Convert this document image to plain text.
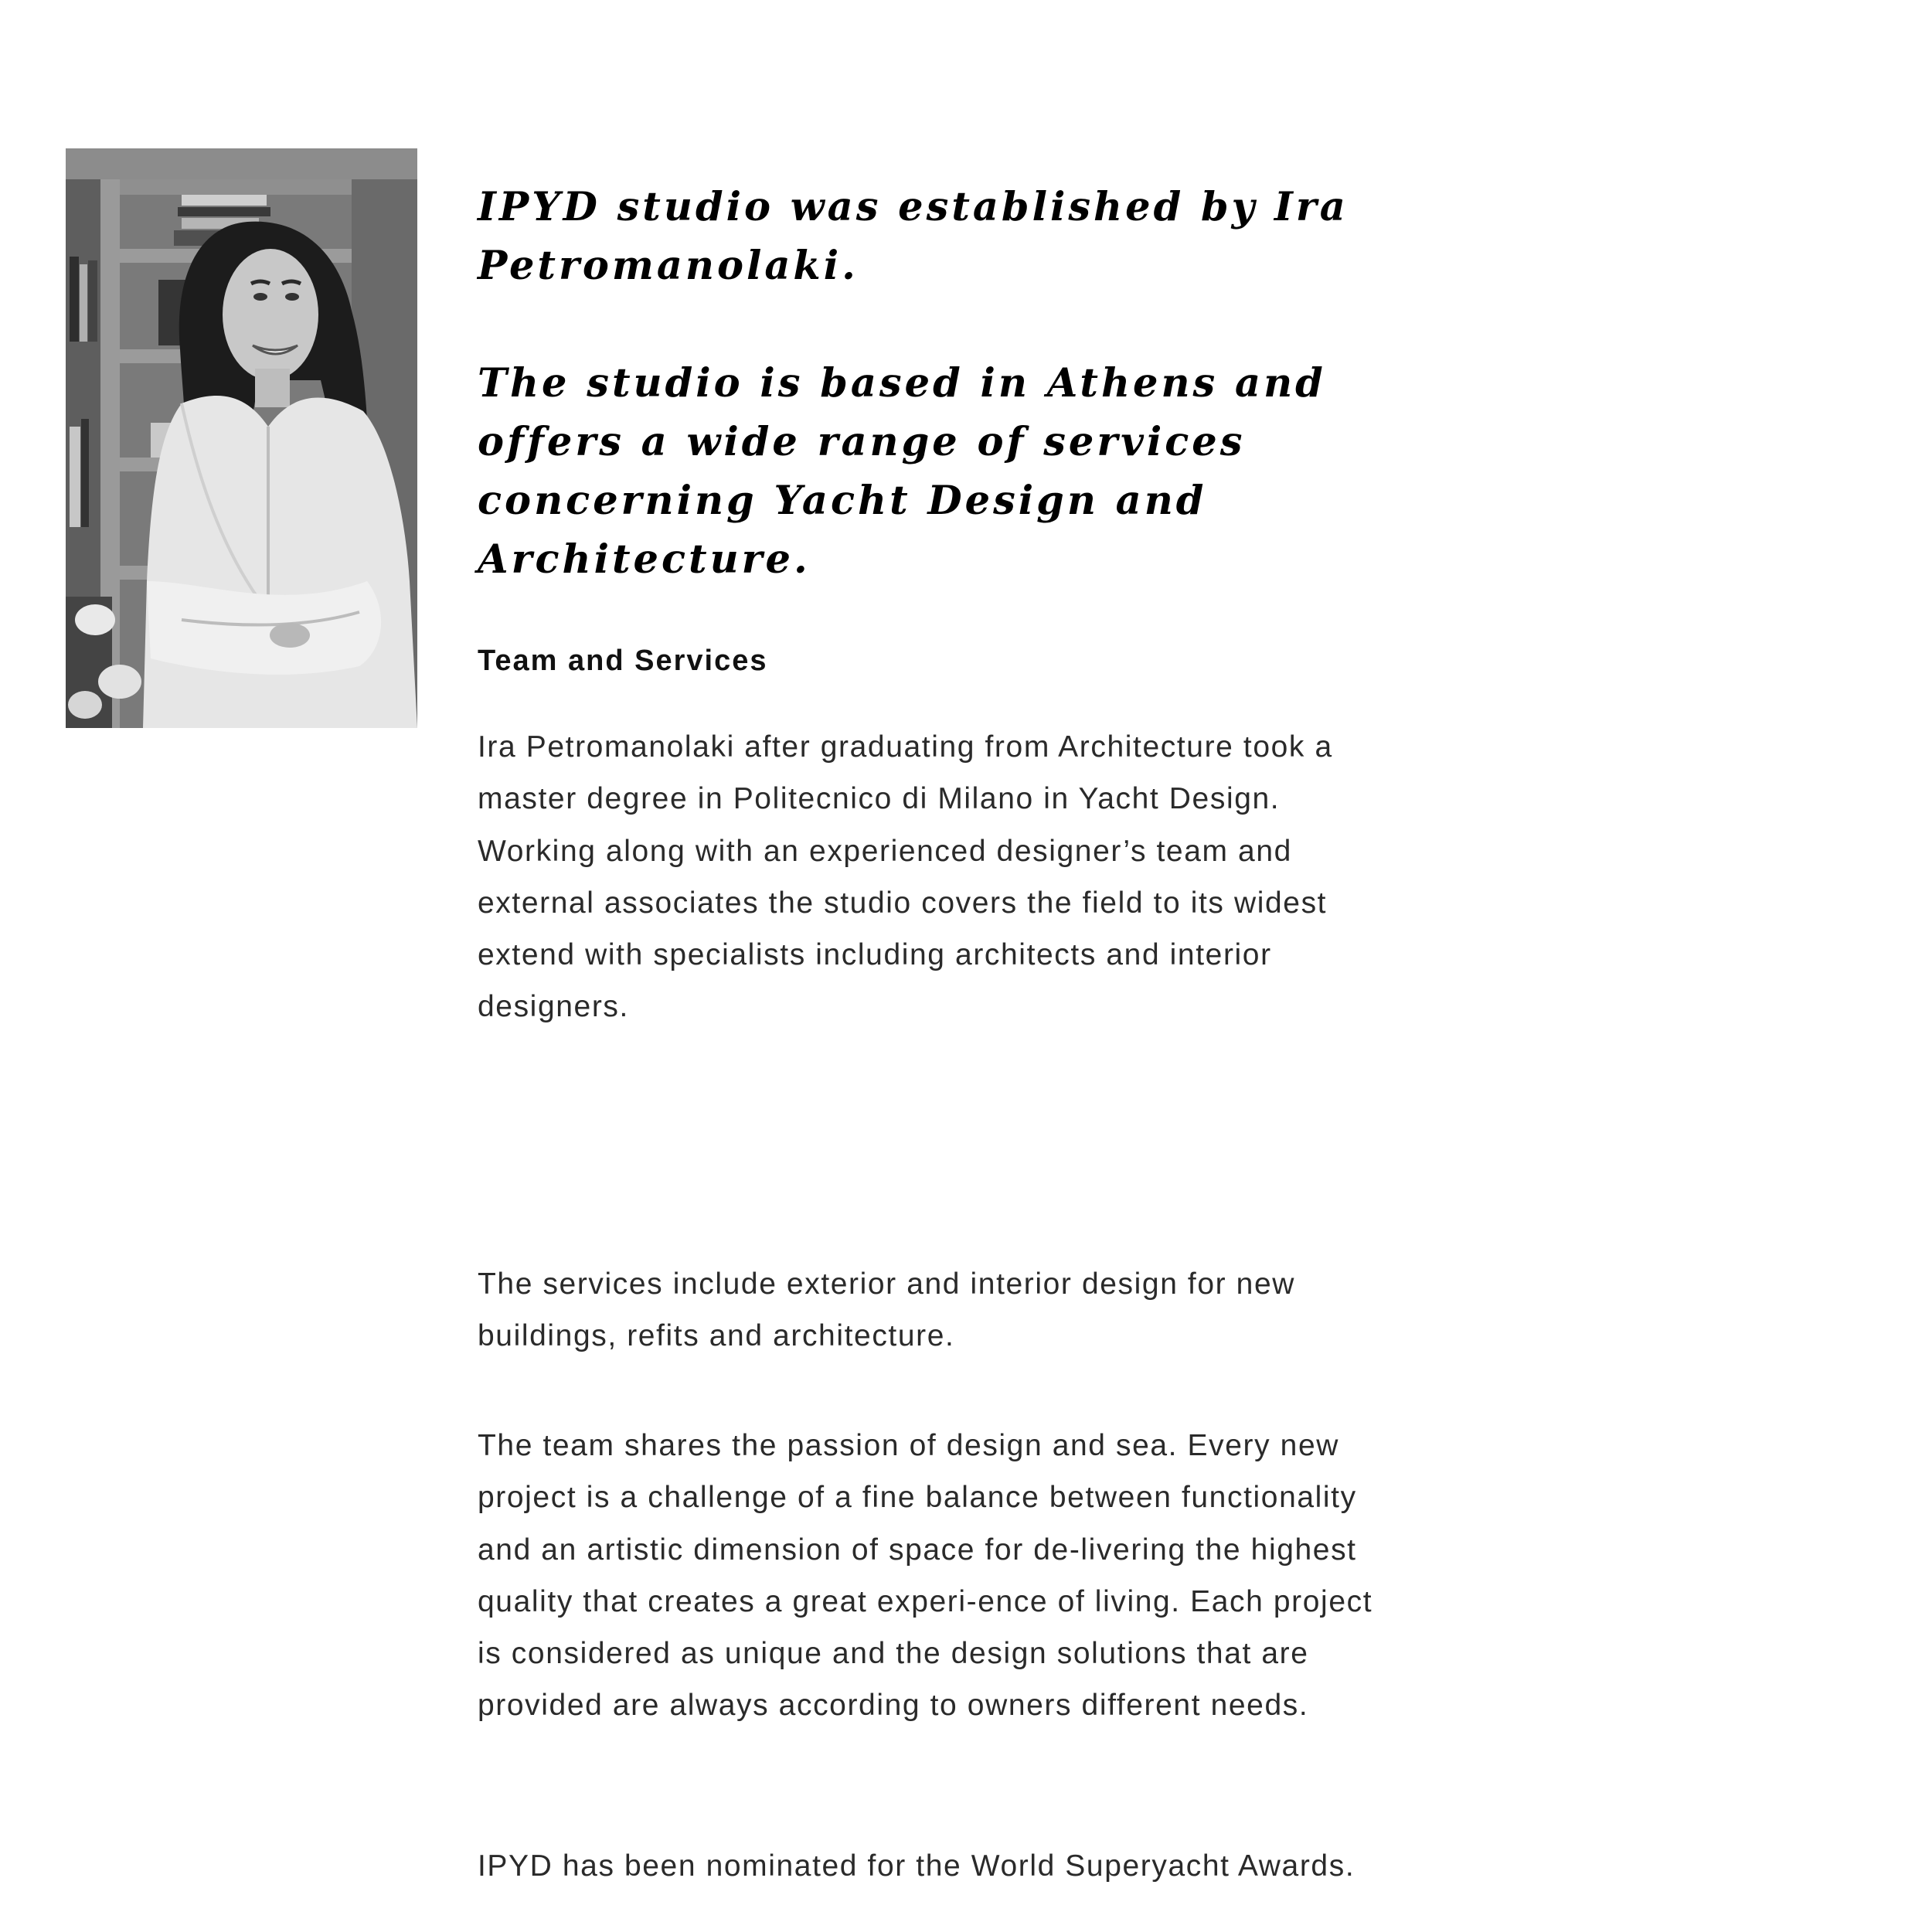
IPYD studio was established by Ira Petromanolaki.

The studio is based in Athens and offers a wide range of services concerning Yacht Design and Architecture.

Team and Services

Ira Petromanolaki after graduating from Architecture took a master degree in Politecnico di Milano in Yacht Design. Working along with an experienced designer’s team and external associates the studio covers the field to its widest extend with specialists including architects and interior designers.

The services include exterior and interior design for new buildings, refits and architecture.

The team shares the passion of design and sea. Every new project is a challenge of a fine balance between functionality and an artistic dimension of space for de-livering the highest quality that creates a great experi-ence of living. Each project is considered as unique and the design solutions that are provided are always according to owners different needs.

IPYD has been nominated for the World Superyacht Awards.
